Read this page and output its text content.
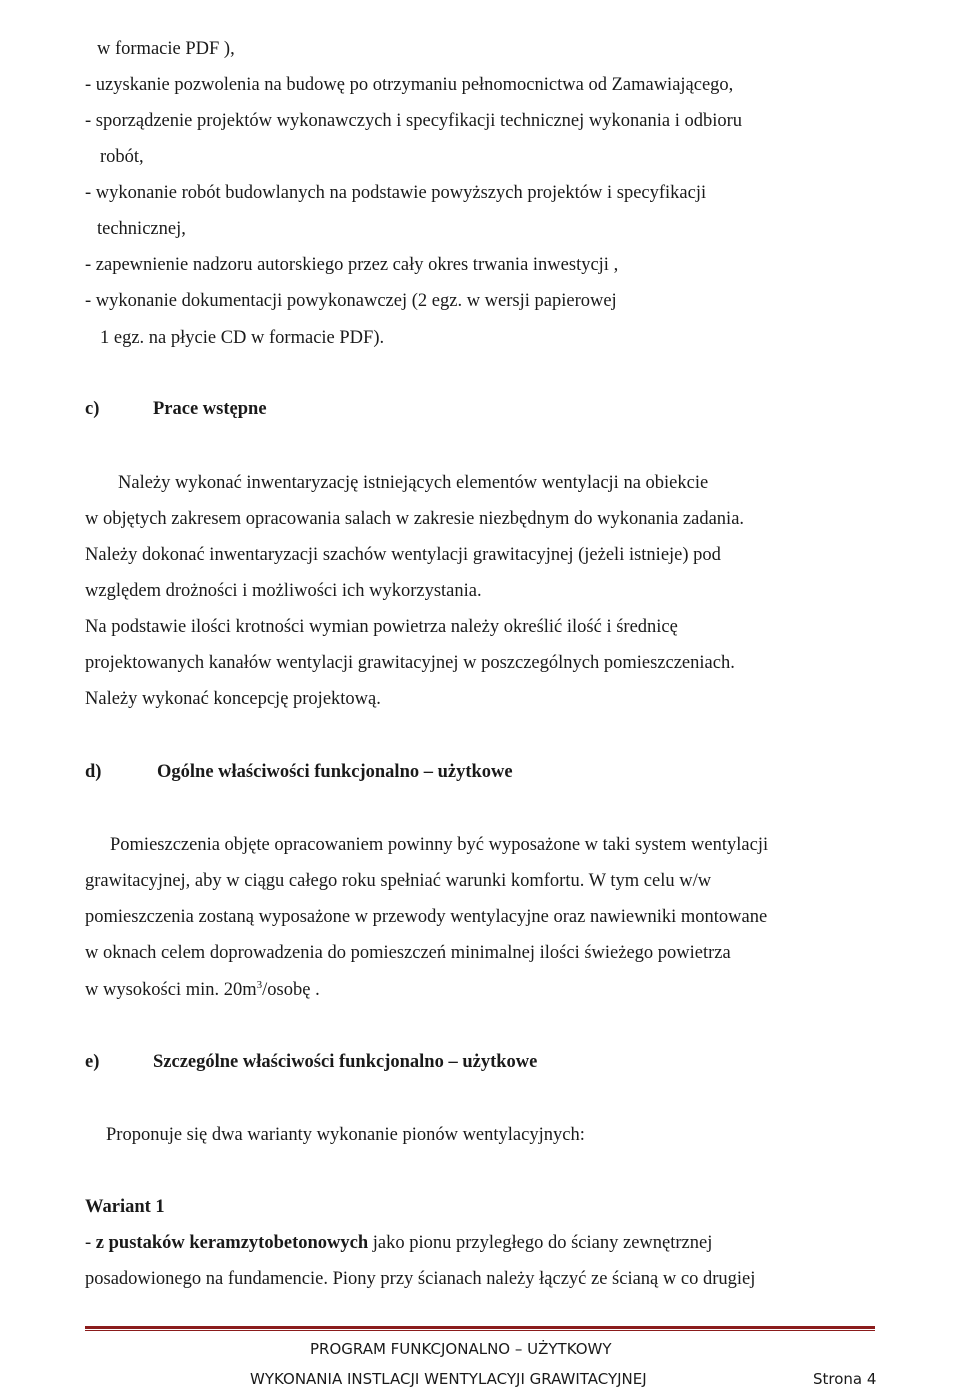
w formacie PDF ),
- uzyskanie pozwolenia na budowę po otrzymaniu pełnomocnictwa od Zamawiającego,
- sporządzenie projektów wykonawczych i specyfikacji technicznej wykonania i odbioru
robót,
- wykonanie robót budowlanych na podstawie powyższych projektów i specyfikacji
technicznej,
- zapewnienie nadzoru autorskiego przez cały okres trwania inwestycji ,
- wykonanie dokumentacji powykonawczej (2 egz. w wersji papierowej
1 egz. na płycie CD w formacie PDF).
c)	Prace wstępne
Należy wykonać inwentaryzację istniejących elementów wentylacji na obiekcie
w objętych zakresem opracowania salach w zakresie niezbędnym do wykonania zadania.
Należy dokonać inwentaryzacji szachów wentylacji grawitacyjnej (jeżeli istnieje) pod
względem drożności i możliwości ich wykorzystania.
Na podstawie ilości krotności wymian powietrza należy określić ilość i średnicę
projektowanych kanałów wentylacji grawitacyjnej w poszczególnych pomieszczeniach.
Należy wykonać koncepcję projektową.
d)	Ogólne właściwości funkcjonalno – użytkowe
Pomieszczenia objęte opracowaniem powinny być wyposażone w taki system wentylacji
grawitacyjnej, aby w ciągu całego roku spełniać warunki komfortu. W tym celu w/w
pomieszczenia zostaną wyposażone w przewody wentylacyjne oraz nawiewniki montowane
w oknach celem doprowadzenia do pomieszczeń minimalnej ilości świeżego powietrza
w wysokości min. $20m^3$/osobę .
e)	Szczególne właściwości funkcjonalno – użytkowe
Proponuje się dwa warianty wykonanie pionów wentylacyjnych:
Wariant 1
- z pustaków keramzytobetonowych jako pionu przyległego do ściany zewnętrznej
posadowionego na fundamencie. Piony przy ścianach należy łączyć ze ścianą w co drugiej
PROGRAM FUNKCJONALNO – UŻYTKOWY
WYKONANIA INSTLACJI WENTYLACYJI GRAWITACYJNEJ	Strona 4
